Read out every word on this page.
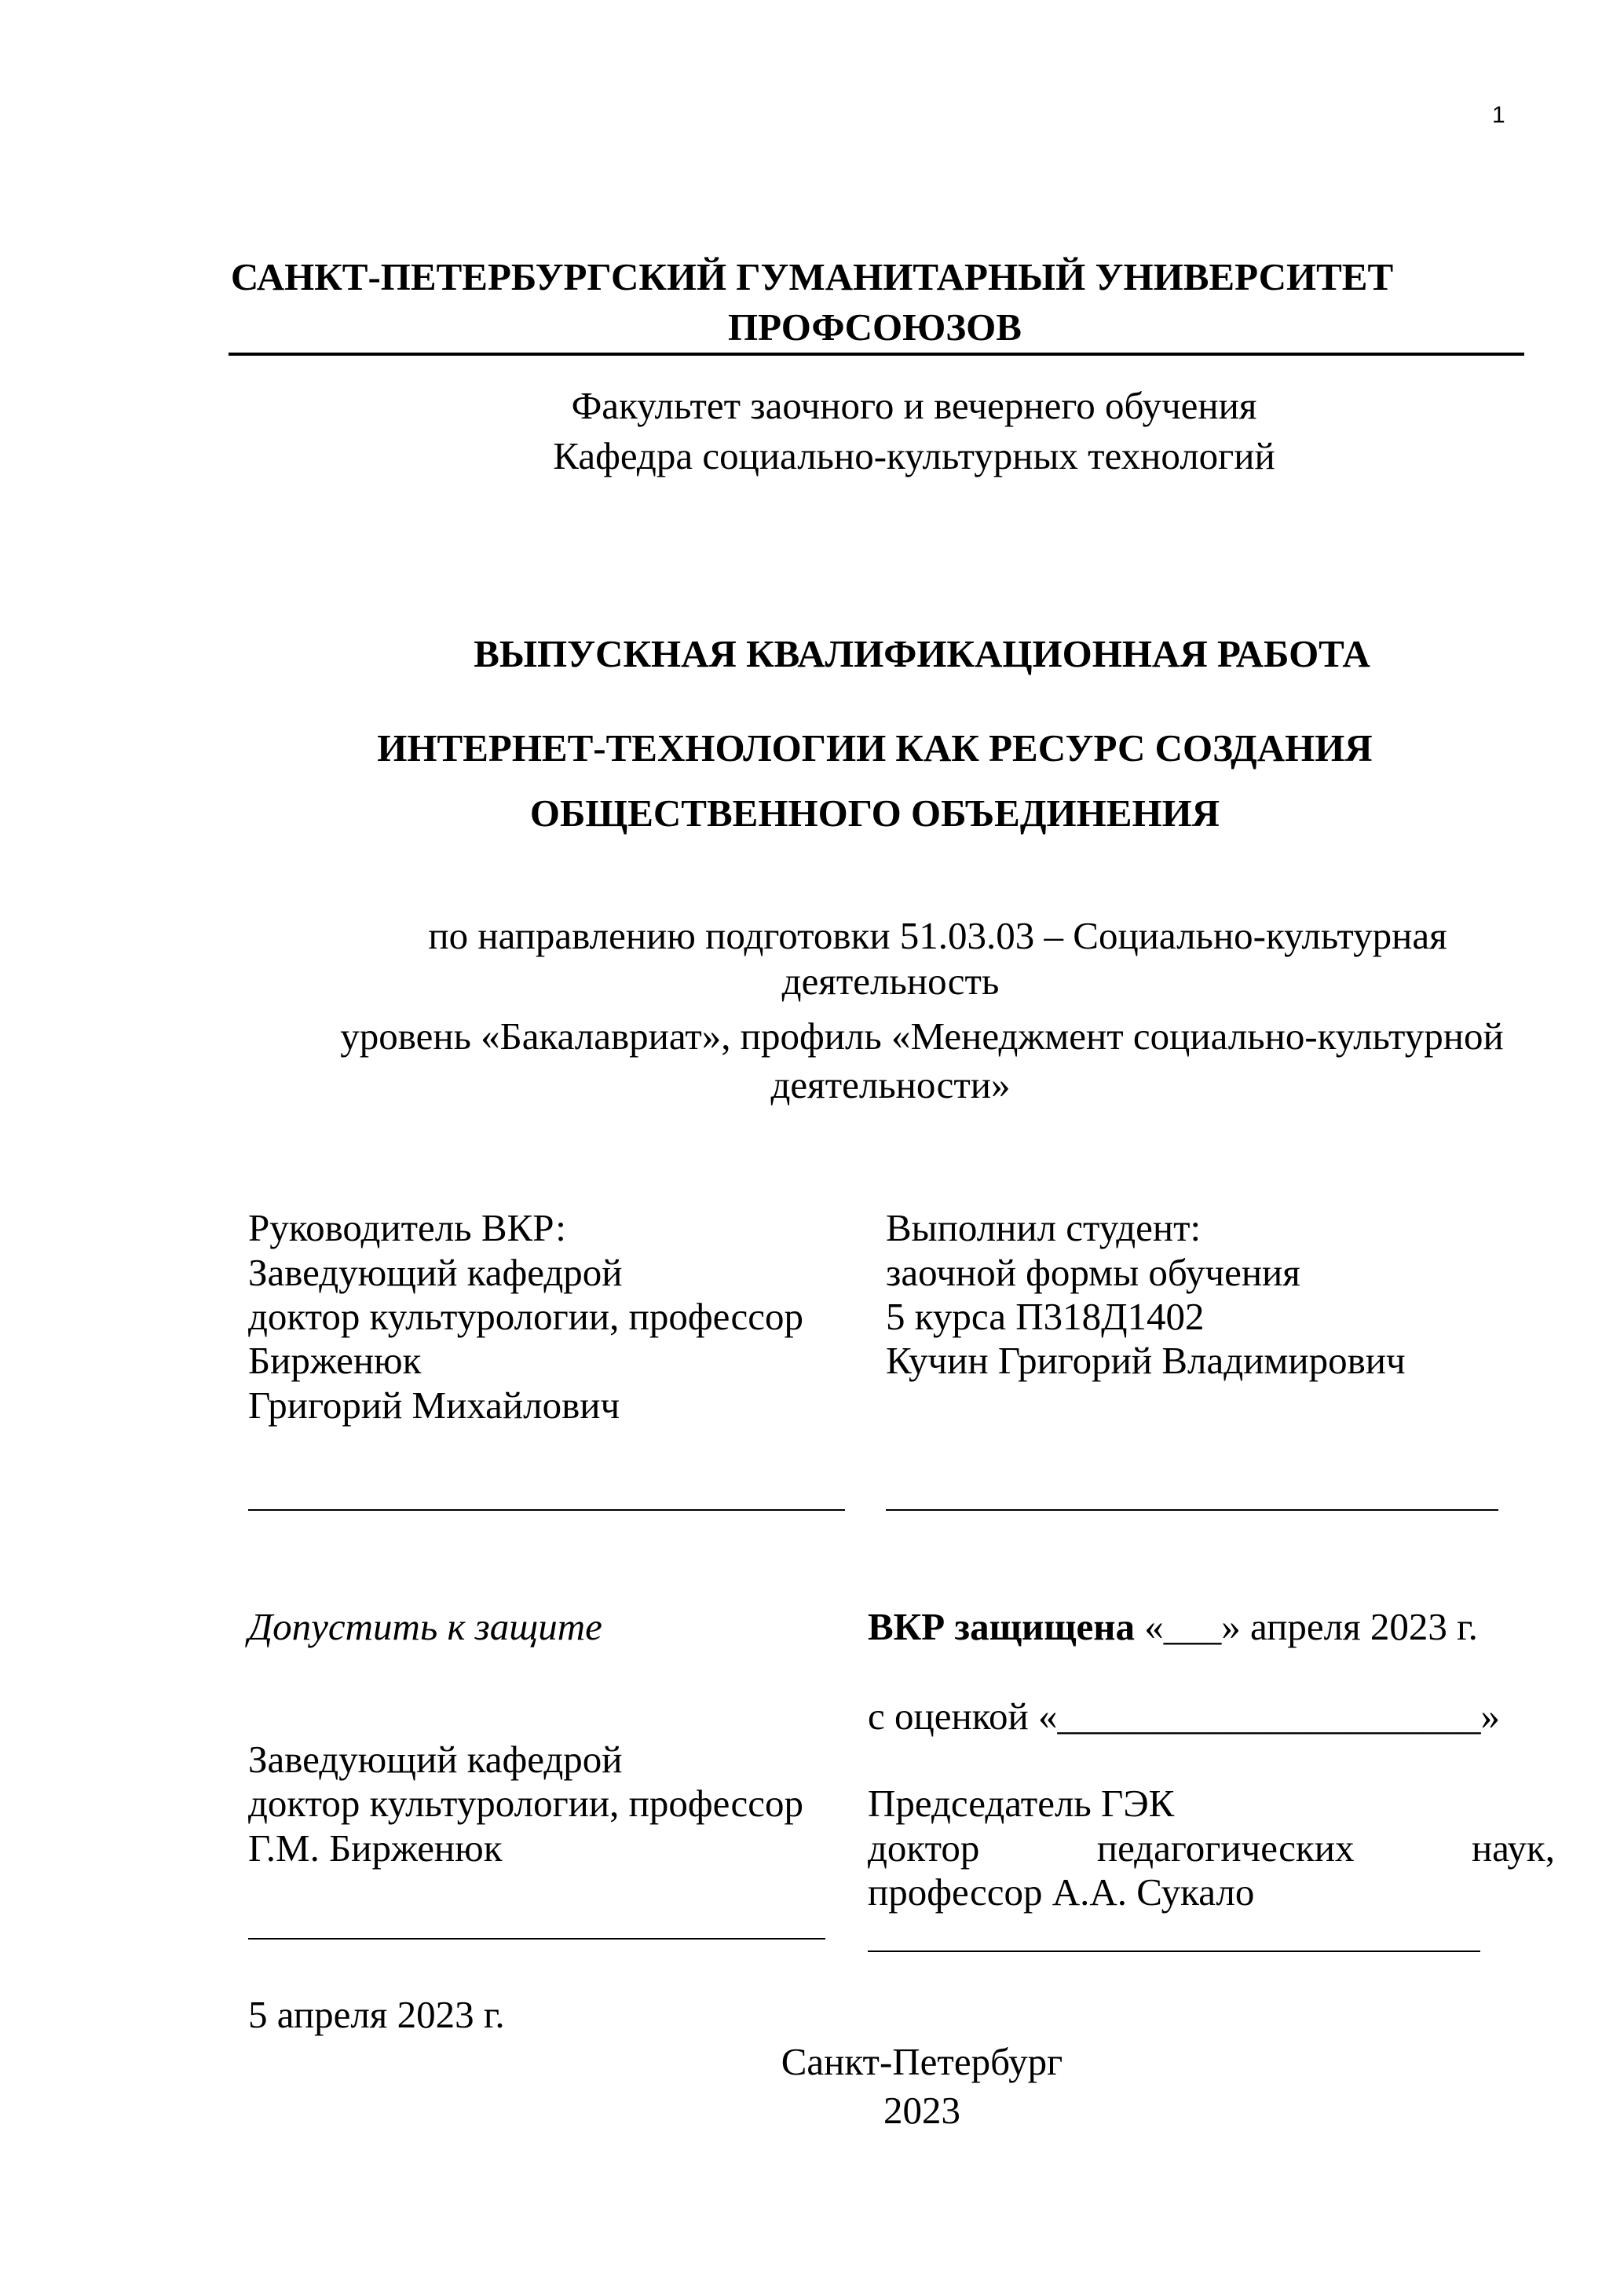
1
САНКТ-ПЕТЕРБУРГСКИЙ ГУМАНИТАРНЫЙ УНИВЕРСИТЕТ
ПРОФСОЮЗОВ
Факультет заочного и вечернего обучения
Кафедра социально-культурных технологий
ВЫПУСКНАЯ КВАЛИФИКАЦИОННАЯ РАБОТА
ИНТЕРНЕТ-ТЕХНОЛОГИИ КАК РЕСУРС СОЗДАНИЯ
ОБЩЕСТВЕННОГО ОБЪЕДИНЕНИЯ
по направлению подготовки 51.03.03 – Социально-культурная
деятельность
уровень «Бакалавриат», профиль «Менеджмент социально-культурной
деятельности»
Руководитель ВКР:
Заведующий кафедрой
доктор культурологии, профессор
Бирженюк
Григорий Михайлович
Выполнил студент:
заочной формы обучения
5 курса П318Д1402
Кучин Григорий Владимирович
Допустить к защите	ВКР защищена «___» апреля 2023 г.
с оценкой «______________________»
Заведующий кафедрой
доктор культурологии, профессор
Г.М. Бирженюк
Председатель ГЭК
доктор педагогических наук,
профессор А.А. Сукало
5 апреля 2023 г.
Санкт-Петербург
2023
